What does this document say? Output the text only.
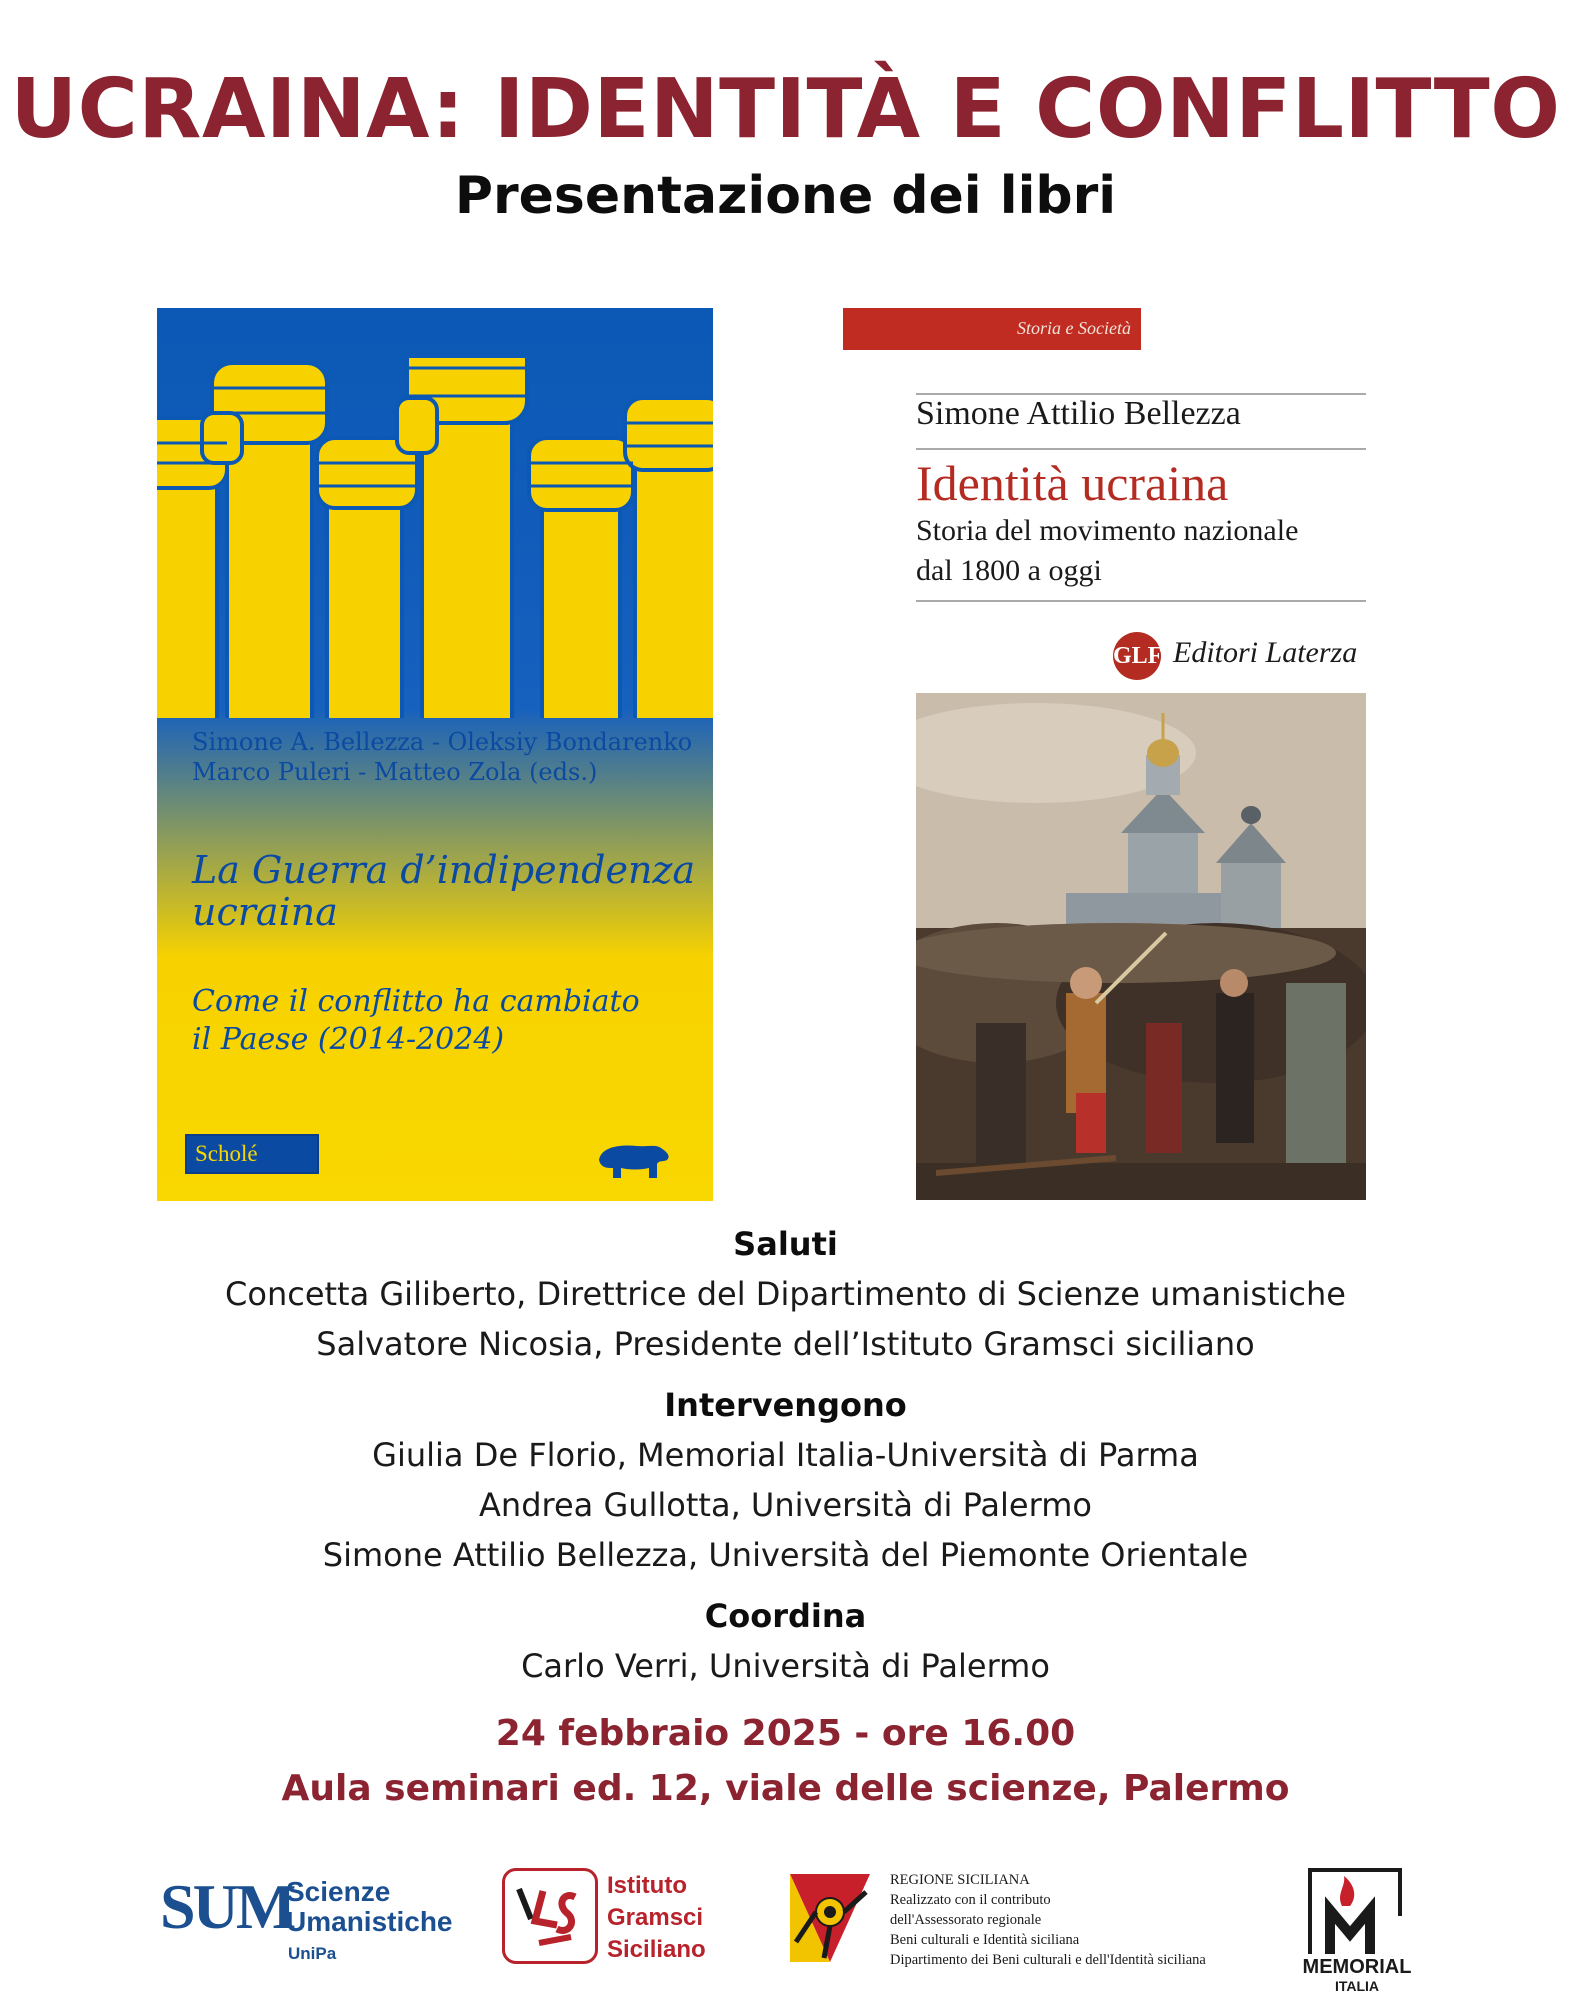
UCRAINA: IDENTITÀ E CONFLITTO
Presentazione dei libri
Simone A. Bellezza - Oleksiy Bondarenko
Marco Puleri - Matteo Zola (eds.)
La Guerra d’indipendenza
ucraina
Come il conflitto ha cambiato
il Paese (2014-2024)
Scholé
Storia e Società
Simone Attilio Bellezza
Identità ucraina
Storia del movimento nazionale
dal 1800 a oggi
GLF Editori Laterza
Saluti
Concetta Giliberto, Direttrice del Dipartimento di Scienze umanistiche
Salvatore Nicosia, Presidente dell’Istituto Gramsci siciliano
Intervengono
Giulia De Florio, Memorial Italia-Università di Parma
Andrea Gullotta, Università di Palermo
Simone Attilio Bellezza, Università del Piemonte Orientale
Coordina
Carlo Verri, Università di Palermo
24 febbraio 2025 - ore 16.00
Aula seminari ed. 12, viale delle scienze, Palermo
SUM
Scienze
Umanistiche
UniPa
Istituto
Gramsci
Siciliano
REGIONE SICILIANA
Realizzato con il contributo
dell'Assessorato regionale
Beni culturali e Identità siciliana
Dipartimento dei Beni culturali e dell'Identità siciliana	MEMORIAL
ITALIA
